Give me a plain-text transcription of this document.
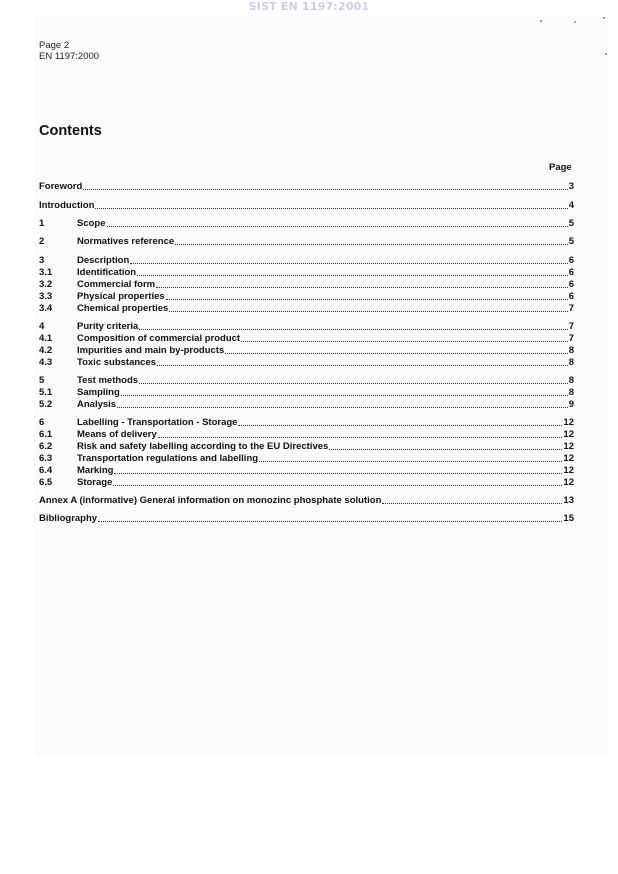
SIST EN 1197:2001
Page 2
EN 1197:2000
Contents
Page
Foreword	3
Introduction	4
1	Scope	5
2	Normatives reference	5
3	Description	6
3.1	Identification	6
3.2	Commercial form	6
3.3	Physical properties	6
3.4	Chemical properties	7
4	Purity criteria	7
4.1	Composition of commercial product	7
4.2	Impurities and main by-products	8
4.3	Toxic substances	8
5	Test methods	8
5.1	Sampling	8
5.2	Analysis	9
6	Labelling - Transportation - Storage	12
6.1	Means of delivery	12
6.2	Risk and safety labelling according to the EU Directives	12
6.3	Transportation regulations and labelling	12
6.4	Marking	12
6.5	Storage	12
Annex A (informative) General information on monozinc phosphate solution	13
Bibliography	15
